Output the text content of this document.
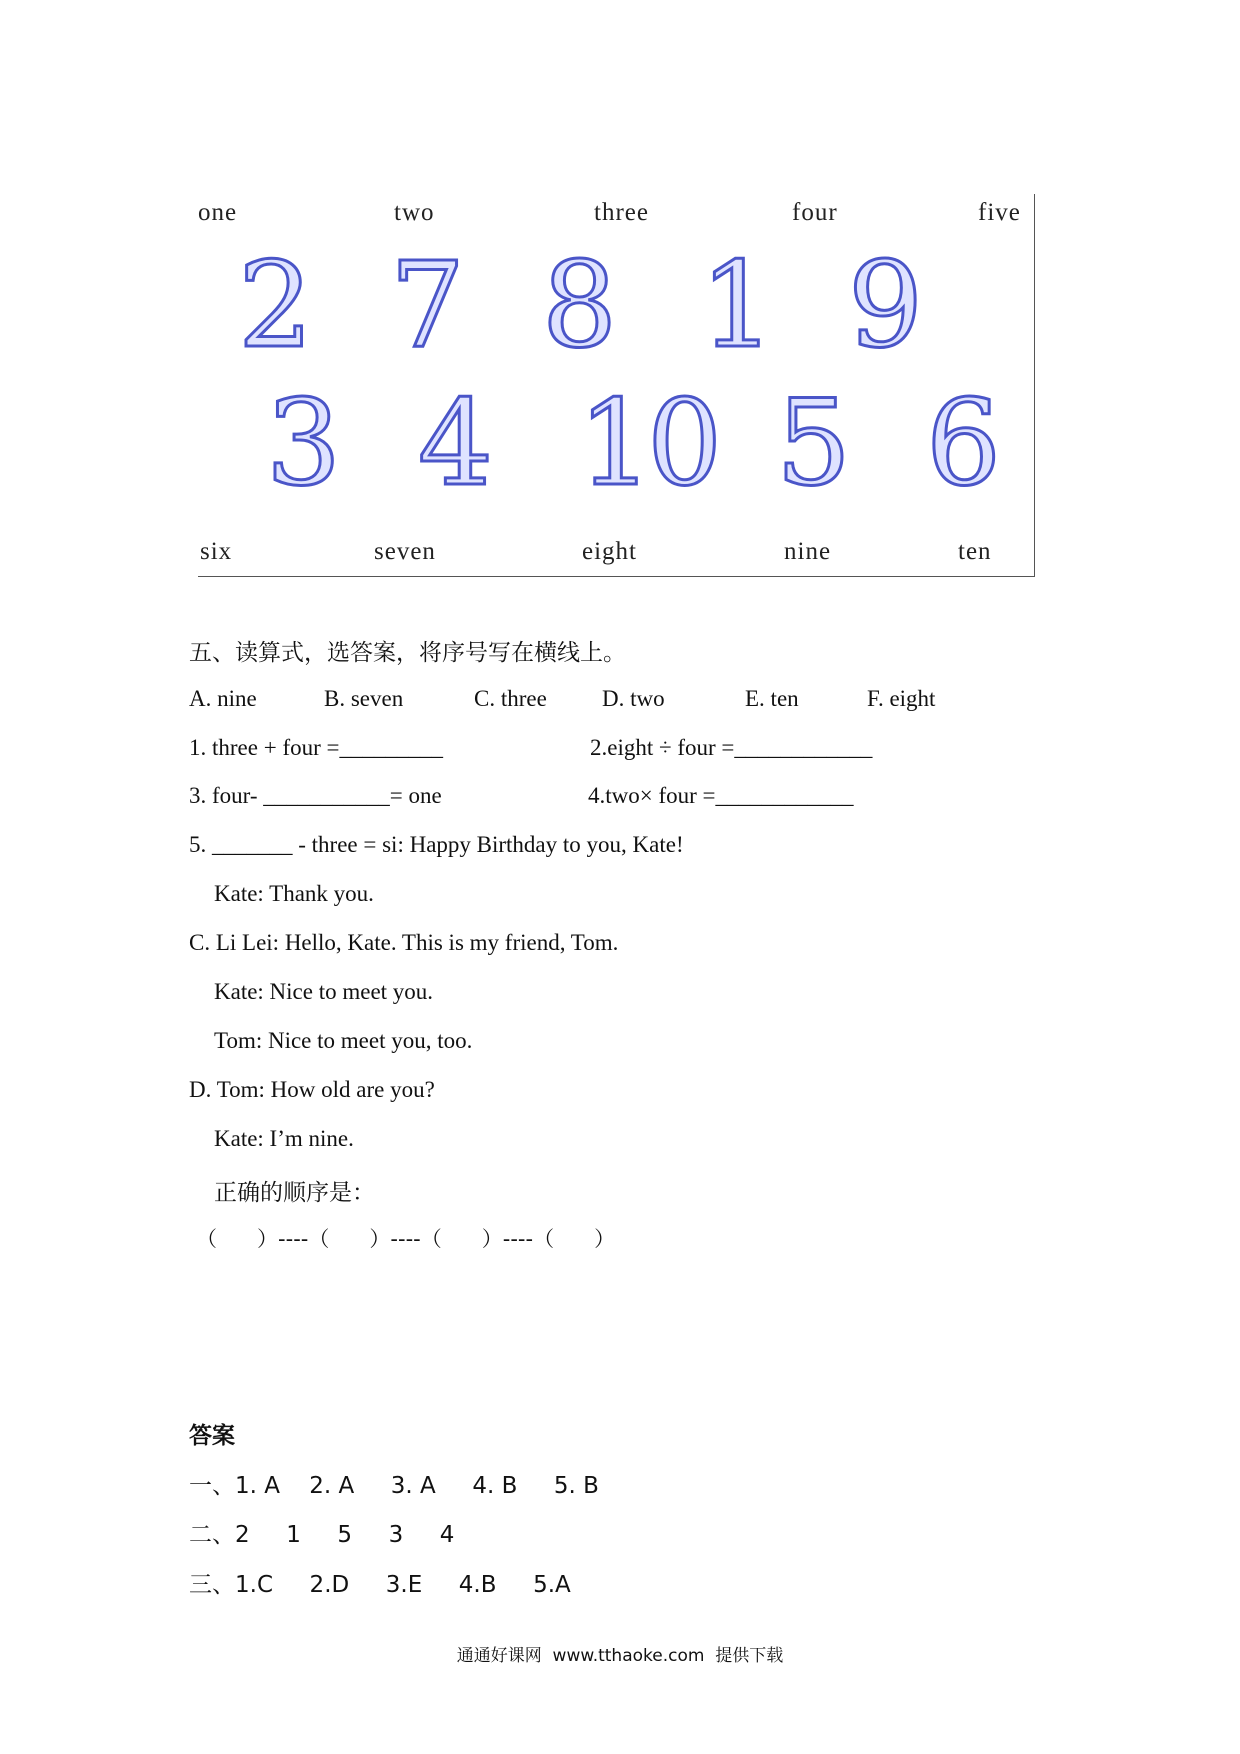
one	two	three	four	five
2 7 8 1 9
3 4 10 5 6
six	seven	eight	nine	ten
五、读算式，选答案，将序号写在横线上。
A. nine	B. seven	C. three D. two	E. ten	F. eight
1. three + four =_________	2.eight ÷ four =____________
3. four- ___________= one	4.two× four =____________
5. _______ - three = si: Happy Birthday to you, Kate!
Kate: Thank you.
C. Li Lei: Hello, Kate. This is my friend, Tom.
Kate: Nice to meet you.
Tom: Nice to meet you, too.
D. Tom: How old are you?
Kate: I’m nine.
正确的顺序是：
（      ）----（      ）----（      ）----（      ）
答案
一、1. A    2. A     3. A     4. B     5. B
二、2     1     5     3     4
三、1.C     2.D     3.E     4.B     5.A
通通好课网  www.tthaoke.com  提供下载
